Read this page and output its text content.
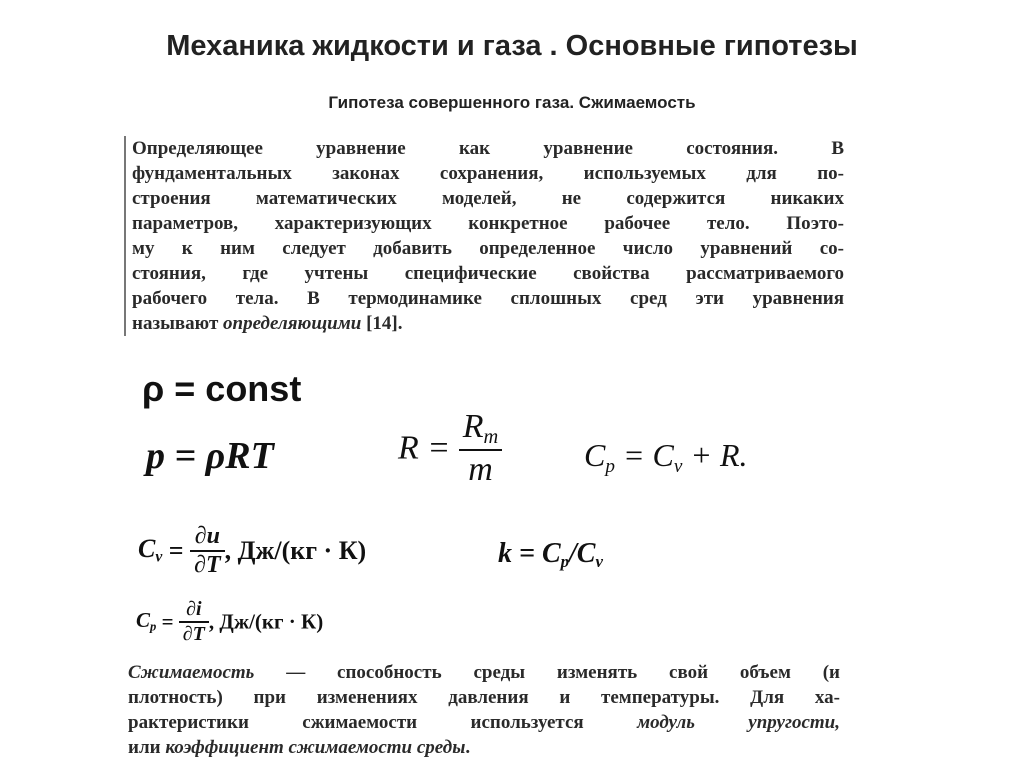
Механика жидкости и газа . Основные гипотезы
Гипотеза совершенного газа. Сжимаемость
Определяющее уравнение как уравнение состояния. В
фундаментальных законах сохранения, используемых для по-
строения математических моделей, не содержится никаких
параметров, характеризующих конкретное рабочее тело. Поэто-
му к ним следует добавить определенное число уравнений со-
стояния, где учтены специфические свойства рассматриваемого
рабочего тела. В термодинамике сплошных сред эти уравнения
называют определяющими [14].
ρ = const
p = ρRT	$R = \frac{R_m}{m}$	$C_p = C_v + R$.
$C_v = \frac{\partial u}{\partial T}$ , Дж/(кг · К)	$k = C_p/C_v$
$C_p = \frac{\partial i}{\partial T}$ , Дж/(кг · К)
Сжимаемость — способность среды изменять свой объем (и
плотность) при изменениях давления и температуры. Для ха-
рактеристики сжимаемости используется модуль упругости,
или коэффициент сжимаемости среды.
